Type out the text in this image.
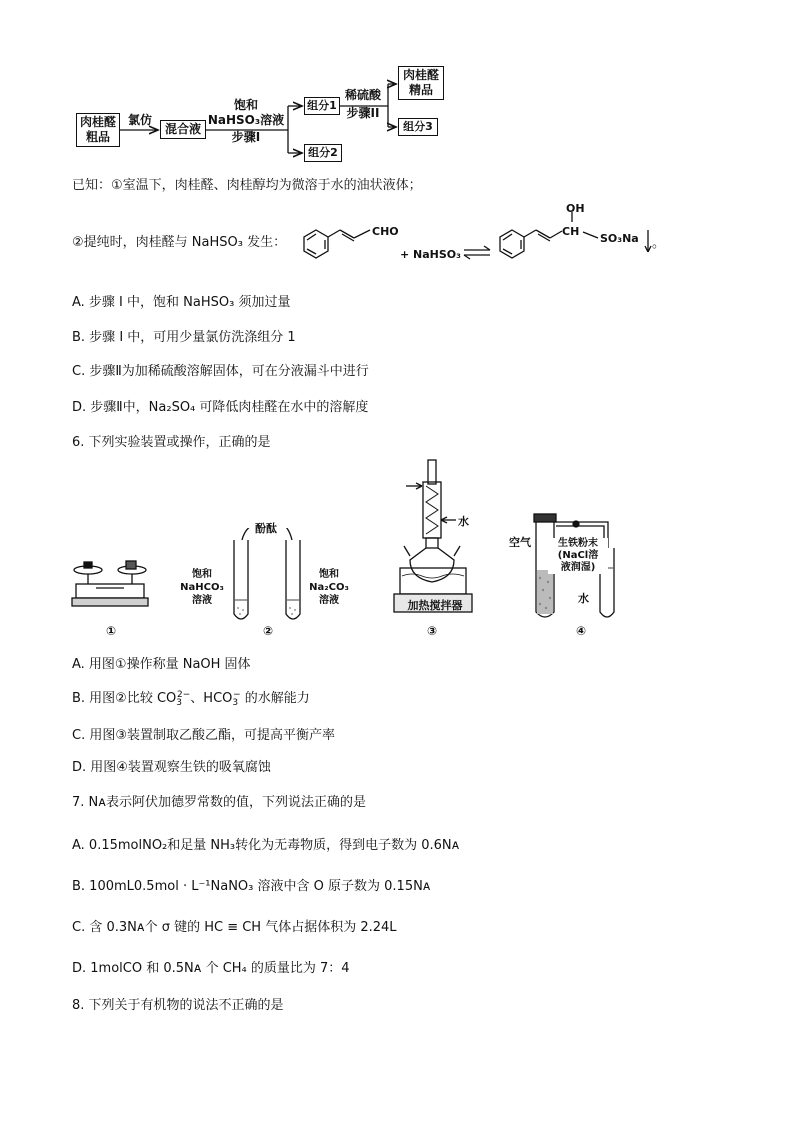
肉桂醛
粗品
氯仿
混合液
饱和
NaHSO₃溶液
步骤I
组分1
组分2
稀硫酸
步骤II
肉桂醛
精品
组分3
已知：①室温下，肉桂醛、肉桂醇均为微溶于水的油状液体；
②提纯时，肉桂醛与 NaHSO₃ 发生：
CHO
+ NaHSO₃
OH
CH
SO₃Na 。
A. 步骤 I 中，饱和 NaHSO₃ 须加过量
B. 步骤 I 中，可用少量氯仿洗涤组分 1
C. 步骤Ⅱ为加稀硫酸溶解固体，可在分液漏斗中进行
D. 步骤Ⅱ中，Na₂SO₄ 可降低肉桂醛在水中的溶解度
6. 下列实验装置或操作，正确的是
酚酞
饱和
NaHCO₃
溶液
饱和
Na₂CO₃
溶液
水
加热搅拌器
空气	生铁粉末
(NaCl溶
液润湿)
水
①	②	③	④
A. 用图①操作称量 NaOH 固体
B. 用图②比较 $CO_3^{2-}$、$HCO_3^-$ 的水解能力
C. 用图③装置制取乙酸乙酯，可提高平衡产率
D. 用图④装置观察生铁的吸氧腐蚀
7. Nᴀ表示阿伏加德罗常数的值，下列说法正确的是
A. 0.15molNO₂和足量 NH₃转化为无毒物质，得到电子数为 0.6Nᴀ
B. 100mL0.5mol · L⁻¹NaNO₃ 溶液中含 O 原子数为 0.15Nᴀ
C. 含 0.3Nᴀ个 σ 键的 HC ≡ CH 气体占据体积为 2.24L
D. 1molCO 和 0.5Nᴀ 个 CH₄ 的质量比为 7：4
8. 下列关于有机物的说法不正确的是
